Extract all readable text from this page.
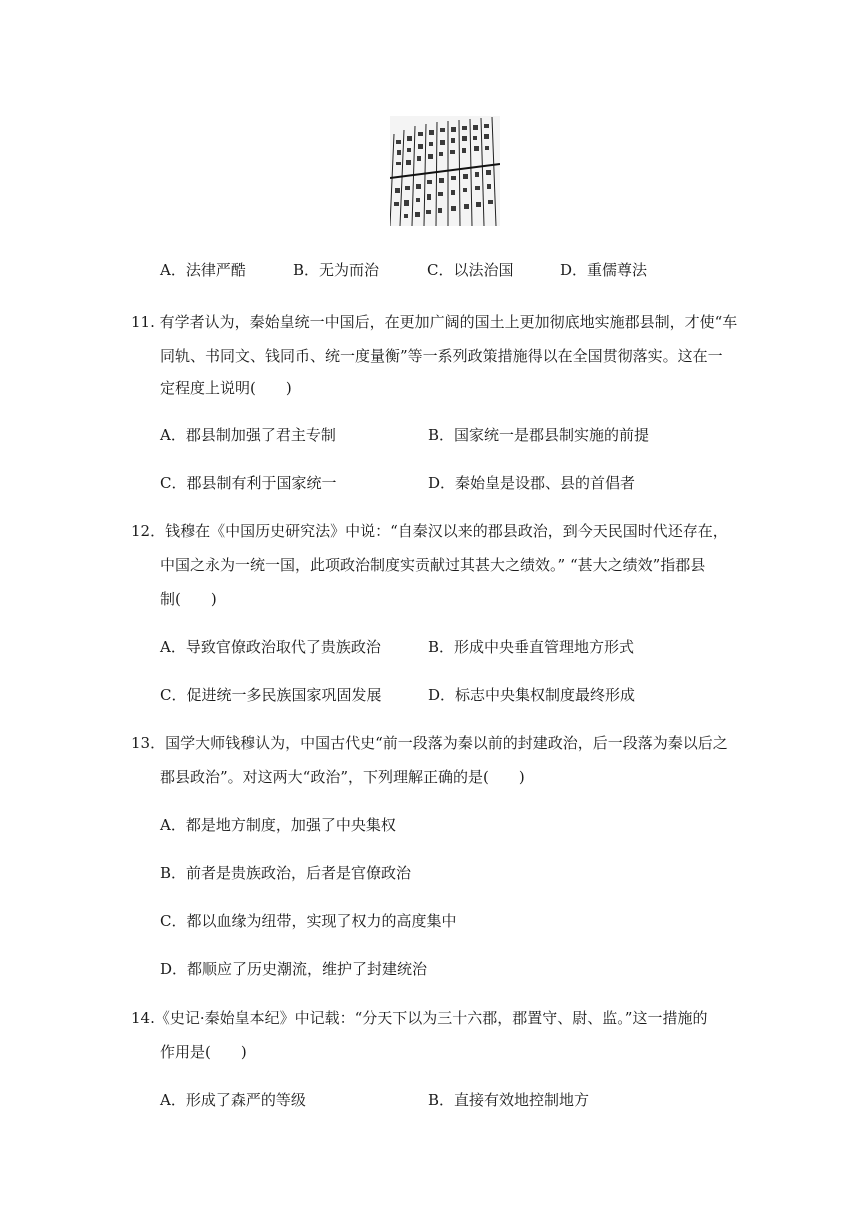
A．法律严酷	B．无为而治	C．以法治国	D．重儒尊法
11. 有学者认为，秦始皇统一中国后，在更加广阔的国土上更加彻底地实施郡县制，才使“车
同轨、书同文、钱同币、统一度量衡”等一系列政策措施得以在全国贯彻落实。这在一
定程度上说明(　　)
A．郡县制加强了君主专制	B．国家统一是郡县制实施的前提
C．郡县制有利于国家统一	D．秦始皇是设郡、县的首倡者
12．钱穆在《中国历史研究法》中说：“自秦汉以来的郡县政治，到今天民国时代还存在，
中国之永为一统一国，此项政治制度实贡献过其甚大之绩效。” “甚大之绩效”指郡县
制(　　)
A．导致官僚政治取代了贵族政治	B．形成中央垂直管理地方形式
C．促进统一多民族国家巩固发展	D．标志中央集权制度最终形成
13．国学大师钱穆认为，中国古代史“前一段落为秦以前的封建政治，后一段落为秦以后之
郡县政治”。对这两大“政治”，下列理解正确的是(　　)
A．都是地方制度，加强了中央集权
B．前者是贵族政治，后者是官僚政治
C．都以血缘为纽带，实现了权力的高度集中
D．都顺应了历史潮流，维护了封建统治
14.《史记·秦始皇本纪》中记载：“分天下以为三十六郡，郡置守、尉、监。”这一措施的
作用是(　　)
A．形成了森严的等级	B．直接有效地控制地方
